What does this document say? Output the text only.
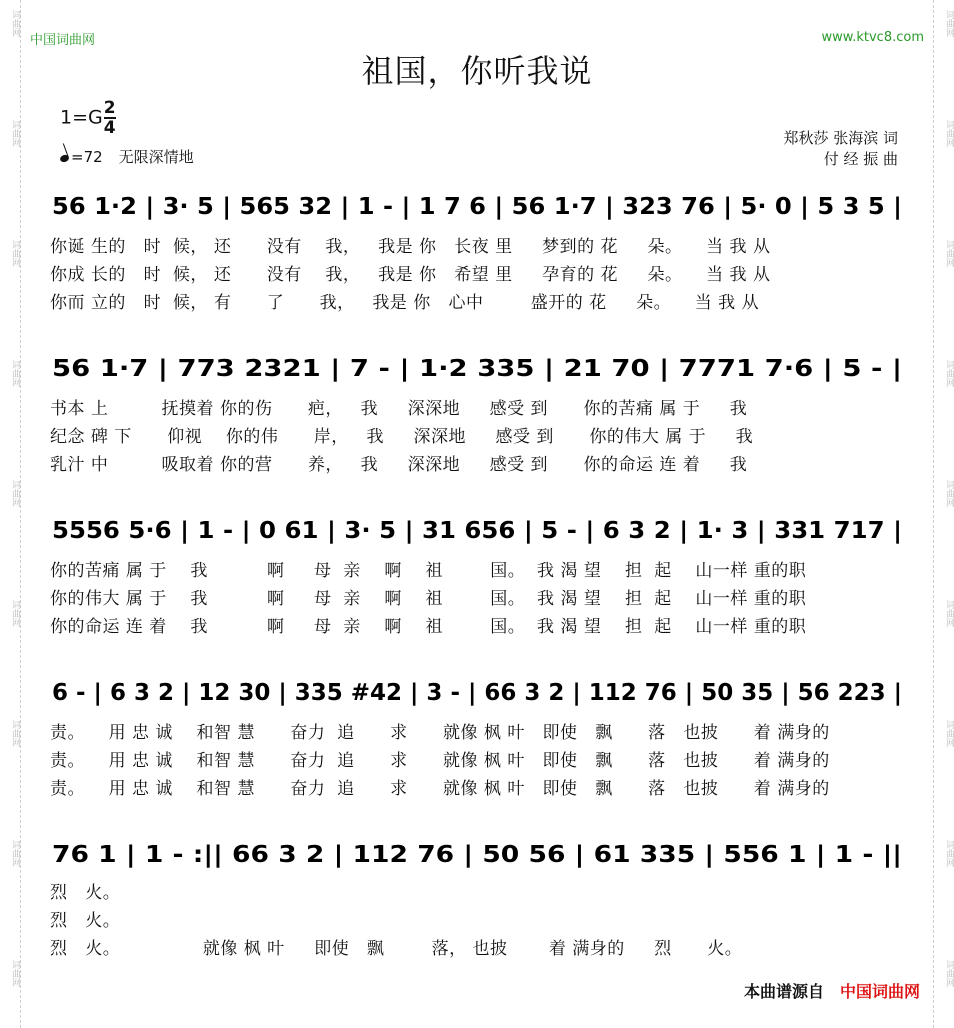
词曲网
词曲网
词曲网
词曲网
词曲网
词曲网
词曲网
词曲网
词曲网
词曲网
词曲网
词曲网
词曲网
词曲网
词曲网
词曲网
词曲网
词曲网
中国词曲网	www.ktvc8.com
祖国，你听我说
$1=G \frac{2}{4}$
=72 无限深情地
郑秋莎 张海滨 词
付 经 振 曲
56 1·2 | 3· 5 | 565 32 | 1 - | 1 7 6 | 56 1·7 | 323 76 | 5· 0 | 5 3 5 |
你诞 生的   时  候， 还      没有    我，   我是 你   长夜 里     梦到的 花     朵。    当 我 从
你成 长的   时  候， 还      没有    我，   我是 你   希望 里     孕育的 花     朵。    当 我 从
你而 立的   时  候， 有      了      我，   我是 你   心中        盛开的 花     朵。    当 我 从
56 1·7 | 773 2321 | 7 - | 1·2 335 | 21 70 | 7771 7·6 | 5 - |
书本 上         抚摸着 你的伤      疤，   我     深深地     感受 到      你的苦痛 属 于     我
纪念 碑 下      仰视    你的伟      岸，   我     深深地     感受 到      你的伟大 属 于     我
乳汁 中         吸取着 你的营      养，   我     深深地     感受 到      你的命运 连 着     我
5556 5·6 | 1 - | 0 61 | 3· 5 | 31 656 | 5 - | 6 3 2 | 1· 3 | 331 717 |
你的苦痛 属 于    我          啊     母  亲    啊    祖        国。  我 渴 望    担  起    山一样 重的职
你的伟大 属 于    我          啊     母  亲    啊    祖        国。  我 渴 望    担  起    山一样 重的职
你的命运 连 着    我          啊     母  亲    啊    祖        国。  我 渴 望    担  起    山一样 重的职
6 - | 6 3 2 | 12 30 | 335 #42 | 3 - | 66 3 2 | 112 76 | 50 35 | 56 223 |
责。    用 忠 诚    和智 慧      奋力  追      求      就像 枫 叶   即使   飘      落   也披      着 满身的
责。    用 忠 诚    和智 慧      奋力  追      求      就像 枫 叶   即使   飘      落   也披      着 满身的
责。    用 忠 诚    和智 慧      奋力  追      求      就像 枫 叶   即使   飘      落   也披      着 满身的
76 1 | 1 - :|| 66 3 2 | 112 76 | 50 56 | 61 335 | 556 1 | 1 - ||
烈   火。
烈   火。
烈   火。              就像 枫 叶     即使   飘        落， 也披       着 满身的     烈      火。
本曲谱源自 中国词曲网
